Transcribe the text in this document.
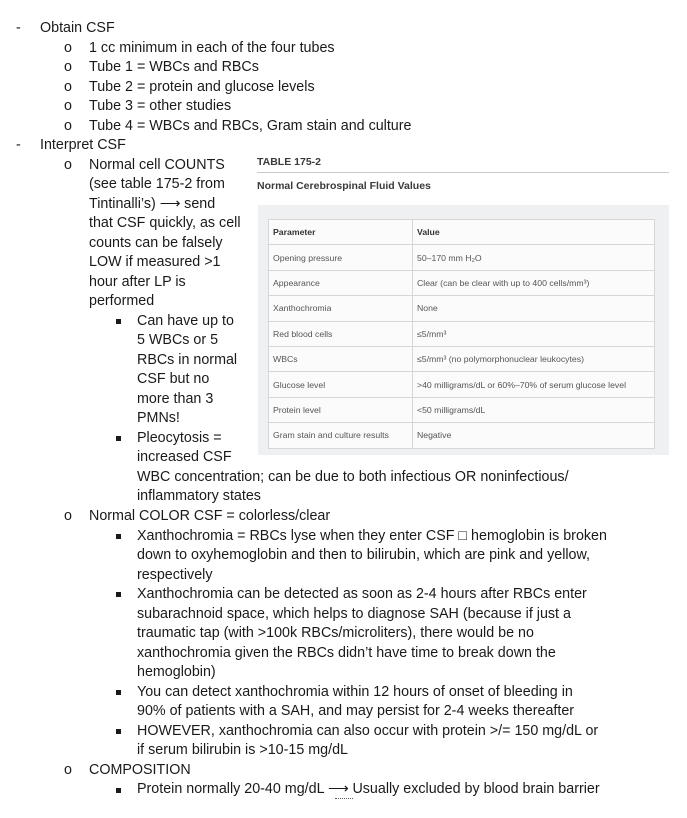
- Obtain CSF
o 1 cc minimum in each of the four tubes
o Tube 1 = WBCs and RBCs
o Tube 2 = protein and glucose levels
o Tube 3 = other studies
o Tube 4 = WBCs and RBCs, Gram stain and culture
- Interpret CSF
o Normal cell COUNTS
(see table 175-2 from
Tintinalli’s) ⟶ send
that CSF quickly, as cell
counts can be falsely
LOW if measured >1
hour after LP is
performed
Can have up to
5 WBCs or 5
RBCs in normal
CSF but no
more than 3
PMNs!
Pleocytosis =
increased CSF
WBC concentration; can be due to both infectious OR noninfectious/
inflammatory states
o Normal COLOR CSF = colorless/clear
Xanthochromia = RBCs lyse when they enter CSF □ hemoglobin is broken
down to oxyhemoglobin and then to bilirubin, which are pink and yellow,
respectively
Xanthochromia can be detected as soon as 2-4 hours after RBCs enter
subarachnoid space, which helps to diagnose SAH (because if just a
traumatic tap (with >100k RBCs/microliters), there would be no
xanthochromia given the RBCs didn’t have time to break down the
hemoglobin)
You can detect xanthochromia within 12 hours of onset of bleeding in
90% of patients with a SAH, and may persist for 2-4 weeks thereafter
HOWEVER, xanthochromia can also occur with protein >/= 150 mg/dL or
if serum bilirubin is >10-15 mg/dL
o COMPOSITION
Protein normally 20-40 mg/dL ⟶ Usually excluded by blood brain barrier
TABLE 175-2
Normal Cerebrospinal Fluid Values
Parameter	Value
Opening pressure	50–170 mm H₂O
Appearance	Clear (can be clear with up to 400 cells/mm³)
Xanthochromia	None
Red blood cells	≤5/mm³
WBCs	≤5/mm³ (no polymorphonuclear leukocytes)
Glucose level	>40 milligrams/dL or 60%–70% of serum glucose level
Protein level	<50 milligrams/dL
Gram stain and culture results	Negative
